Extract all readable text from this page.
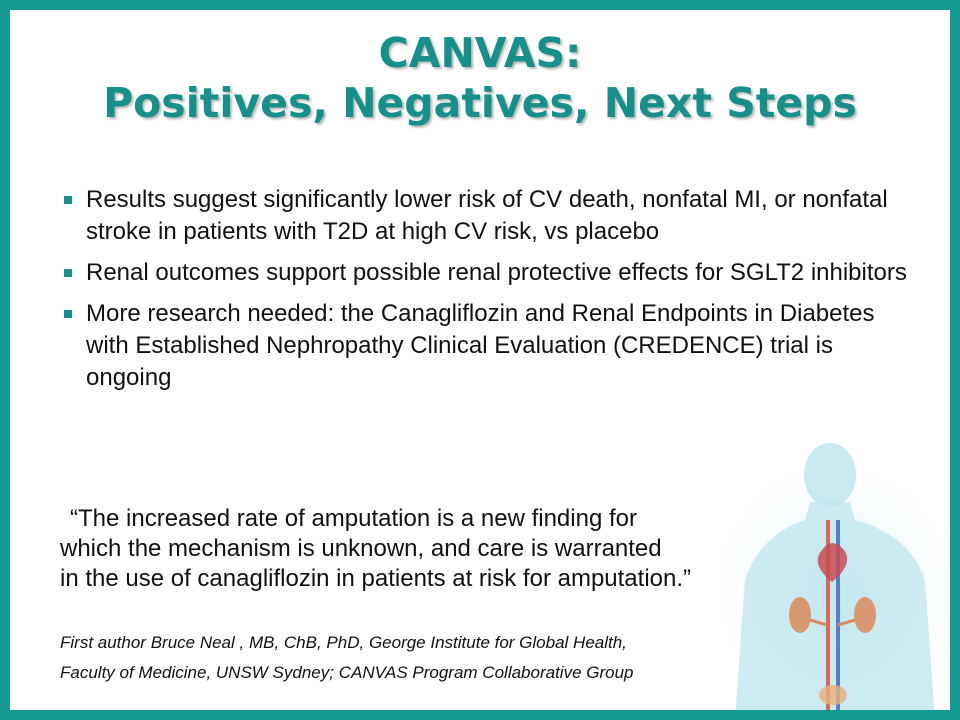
CANVAS:
Positives, Negatives, Next Steps
Results suggest significantly lower risk of CV death, nonfatal MI, or nonfatal stroke in patients with T2D at high CV risk, vs placebo
Renal outcomes support possible renal protective effects for SGLT2 inhibitors
More research needed: the Canagliflozin and Renal Endpoints in Diabetes with Established Nephropathy Clinical Evaluation (CREDENCE) trial is ongoing
“The increased rate of amputation is a new finding for
which the mechanism is unknown, and care is warranted
in the use of canagliflozin in patients at risk for amputation.”
First author Bruce Neal , MB, ChB, PhD, George Institute for Global Health,
Faculty of Medicine, UNSW Sydney; CANVAS Program Collaborative Group
